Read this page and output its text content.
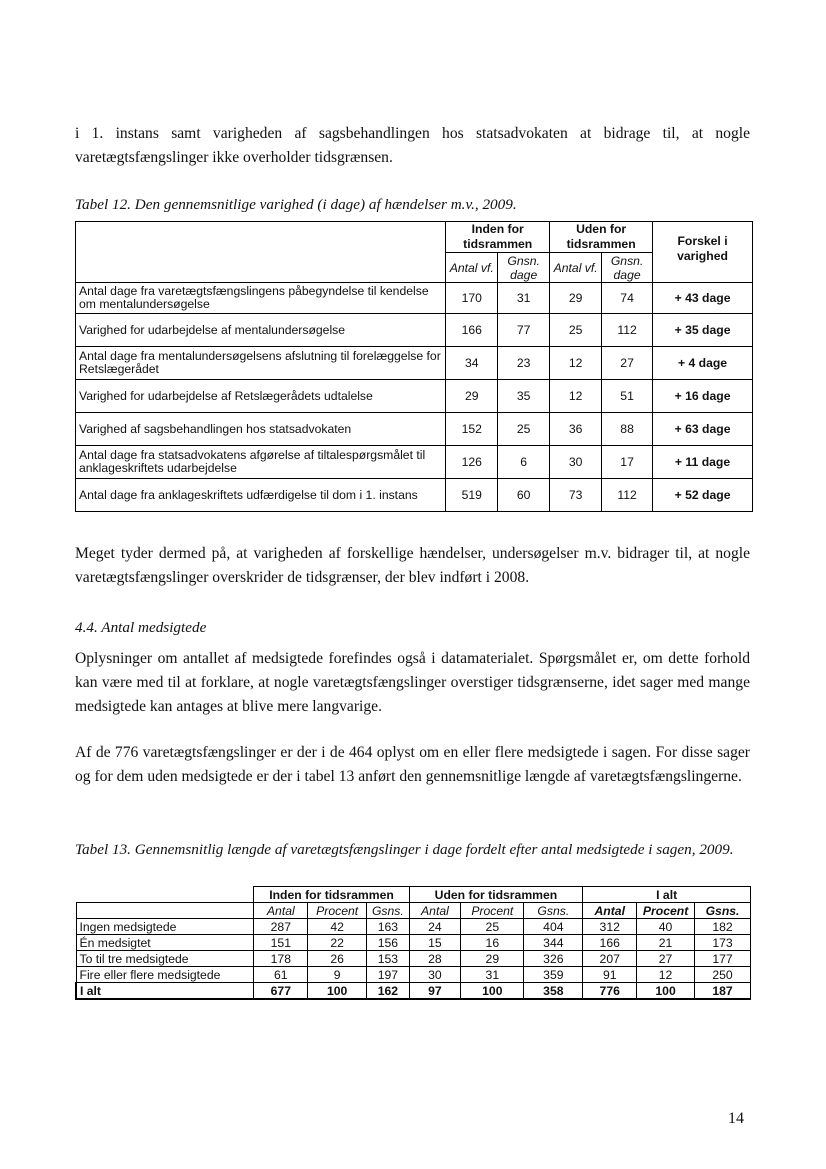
i 1. instans samt varigheden af sagsbehandlingen hos statsadvokaten at bidrage til, at nogle varetægtsfængslinger ikke overholder tidsgrænsen.
Tabel 12. Den gennemsnitlige varighed (i dage) af hændelser m.v., 2009.
	Inden for tidsrammen		Uden for tidsrammen		Forskel i varighed
	Antal vf.	Gnsn. dage	Antal vf.	Gnsn. dage	
Antal dage fra varetægtsfængslingens påbegyndelse til kendelse om mentalundersøgelse	170	31	29	74	+ 43 dage
Varighed for udarbejdelse af mentalundersøgelse	166	77	25	112	+ 35 dage
Antal dage fra mentalundersøgelsens afslutning til forelæggelse for Retslægerådet	34	23	12	27	+ 4 dage
Varighed for udarbejdelse af Retslægerådets udtalelse	29	35	12	51	+ 16 dage
Varighed af sagsbehandlingen hos statsadvokaten	152	25	36	88	+ 63 dage
Antal dage fra statsadvokatens afgørelse af tiltalespørgsmålet til anklageskriftets udarbejdelse	126	6	30	17	+ 11 dage
Antal dage fra anklageskriftets udfærdigelse til dom i 1. instans	519	60	73	112	+ 52 dage
Meget tyder dermed på, at varigheden af forskellige hændelser, undersøgelser m.v. bidrager til, at nogle varetægtsfængslinger overskrider de tidsgrænser, der blev indført i 2008.
4.4. Antal medsigtede
Oplysninger om antallet af medsigtede forefindes også i datamaterialet. Spørgsmålet er, om dette forhold kan være med til at forklare, at nogle varetægtsfængslinger overstiger tidsgrænserne, idet sager med mange medsigtede kan antages at blive mere langvarige.
Af de 776 varetægtsfængslinger er der i de 464 oplyst om en eller flere medsigtede i sagen. For disse sager og for dem uden medsigtede er der i tabel 13 anført den gennemsnitlige længde af varetægtsfængslingerne.
Tabel 13. Gennemsnitlig længde af varetægtsfængslinger i dage fordelt efter antal medsigtede i sagen, 2009.
	Inden for tidsrammen			Uden for tidsrammen			I alt		
	Antal	Procent	Gsns.	Antal	Procent	Gsns.	Antal	Procent	Gsns.
Ingen medsigtede	287	42	163	24	25	404	312	40	182
Én medsigtet	151	22	156	15	16	344	166	21	173
To til tre medsigtede	178	26	153	28	29	326	207	27	177
Fire eller flere medsigtede	61	9	197	30	31	359	91	12	250
I alt	677	100	162	97	100	358	776	100	187
14
